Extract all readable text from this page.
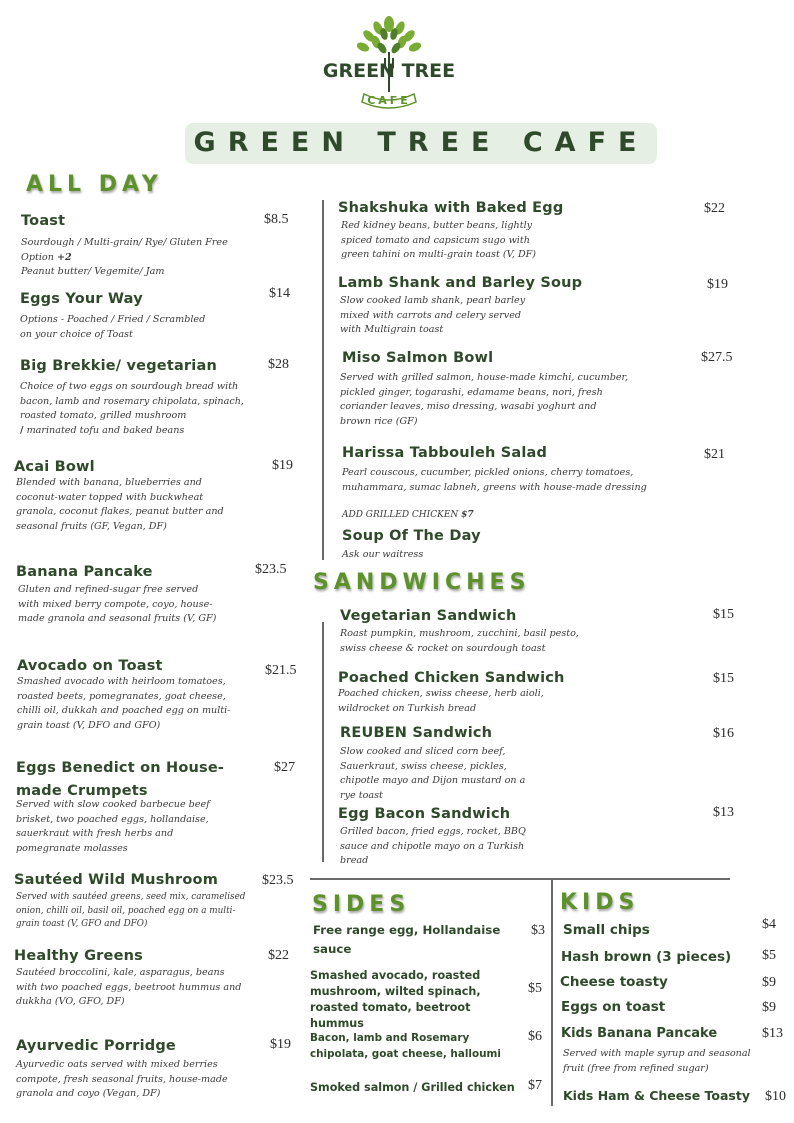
GREEN TREE
CAFE
GREEN TREE CAFE
ALL DAY
Toast	$8.5
Sourdough / Multi-grain/ Rye/ Gluten Free Option +2
Peanut butter/ Vegemite/ Jam
Eggs Your Way	$14
Options - Poached / Fried / Scrambled on your choice of Toast
Big Brekkie/ vegetarian	$28
Choice of two eggs on sourdough bread with bacon, lamb and rosemary chipolata, spinach, roasted tomato, grilled mushroom
/ marinated tofu and baked beans
Acai Bowl	$19
Blended with banana, blueberries and coconut-water topped with buckwheat granola, coconut flakes, peanut butter and seasonal fruits (GF, Vegan, DF)
Banana Pancake	$23.5
Gluten and refined-sugar free served with mixed berry compote, coyo, house-made granola and seasonal fruits (V, GF)
Avocado on Toast	$21.5
Smashed avocado with heirloom tomatoes, roasted beets, pomegranates, goat cheese, chilli oil, dukkah and poached egg on multi-grain toast (V, DFO and GFO)
Eggs Benedict on House-made Crumpets
$27
Served with slow cooked barbecue beef brisket, two poached eggs, hollandaise, sauerkraut with fresh herbs and pomegranate molasses
Sautéed Wild Mushroom	$23.5
Served with sautéed greens, seed mix, caramelised onion, chilli oil, basil oil, poached egg on a multi-grain toast (V, GFO and DFO)
Healthy Greens	$22
Sautéed broccolini, kale, asparagus, beans with two poached eggs, beetroot hummus and dukkha (VO, GFO, DF)
Ayurvedic Porridge	$19
Ayurvedic oats served with mixed berries compote, fresh seasonal fruits, house-made granola and coyo (Vegan, DF)
Shakshuka with Baked Egg	$22
Red kidney beans, butter beans, lightly spiced tomato and capsicum sugo with green tahini on multi-grain toast (V, DF)
Lamb Shank and Barley Soup	$19
Slow cooked lamb shank, pearl barley mixed with carrots and celery served with Multigrain toast
Miso Salmon Bowl	$27.5
Served with grilled salmon, house-made kimchi, cucumber, pickled ginger, togarashi, edamame beans, nori, fresh coriander leaves, miso dressing, wasabi yoghurt and brown rice (GF)
Harissa Tabbouleh Salad	$21
Pearl couscous, cucumber, pickled onions, cherry tomatoes, muhammara, sumac labneh, greens with house-made dressing
ADD GRILLED CHICKEN $7
Soup Of The Day
Ask our waitress
SANDWICHES
Vegetarian Sandwich	$15
Roast pumpkin, mushroom, zucchini, basil pesto, swiss cheese & rocket on sourdough toast
Poached Chicken Sandwich	$15
Poached chicken, swiss cheese, herb aioli, wildrocket on Turkish bread
REUBEN Sandwich	$16
Slow cooked and sliced corn beef, Sauerkraut, swiss cheese, pickles, chipotle mayo and Dijon mustard on a rye toast
Egg Bacon Sandwich	$13
Grilled bacon, fried eggs, rocket, BBQ sauce and chipotle mayo on a Turkish bread
SIDES
Free range egg, Hollandaise sauce
$3
Smashed avocado, roasted mushroom, wilted spinach, roasted tomato, beetroot hummus
$5
Bacon, lamb and Rosemary chipolata, goat cheese, halloumi
$6
Smoked salmon / Grilled chicken $7
KIDS
Small chips	$4
Hash brown (3 pieces) $5
Cheese toasty	$9
Eggs on toast	$9
Kids Banana Pancake	$13
Served with maple syrup and seasonal fruit (free from refined sugar)
Kids Ham & Cheese Toasty $10
